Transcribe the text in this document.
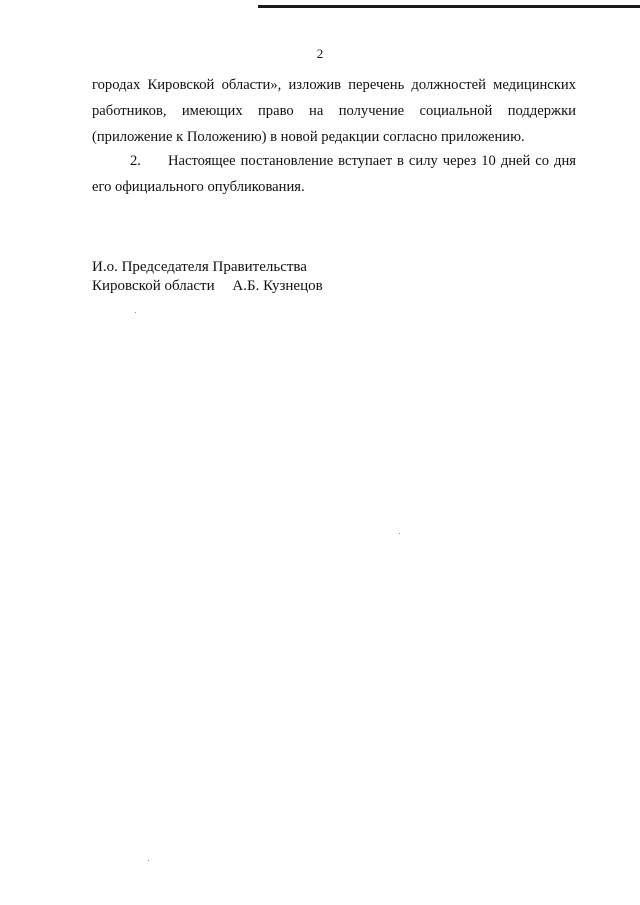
2
городах Кировской области», изложив перечень должностей медицинских
работников, имеющих право на получение социальной поддержки
(приложение к Положению) в новой редакции согласно приложению.
2.	Настоящее постановление вступает в силу через 10 дней со дня
его официального опубликования.
И.о. Председателя Правительства
Кировской области А.Б. Кузнецов
